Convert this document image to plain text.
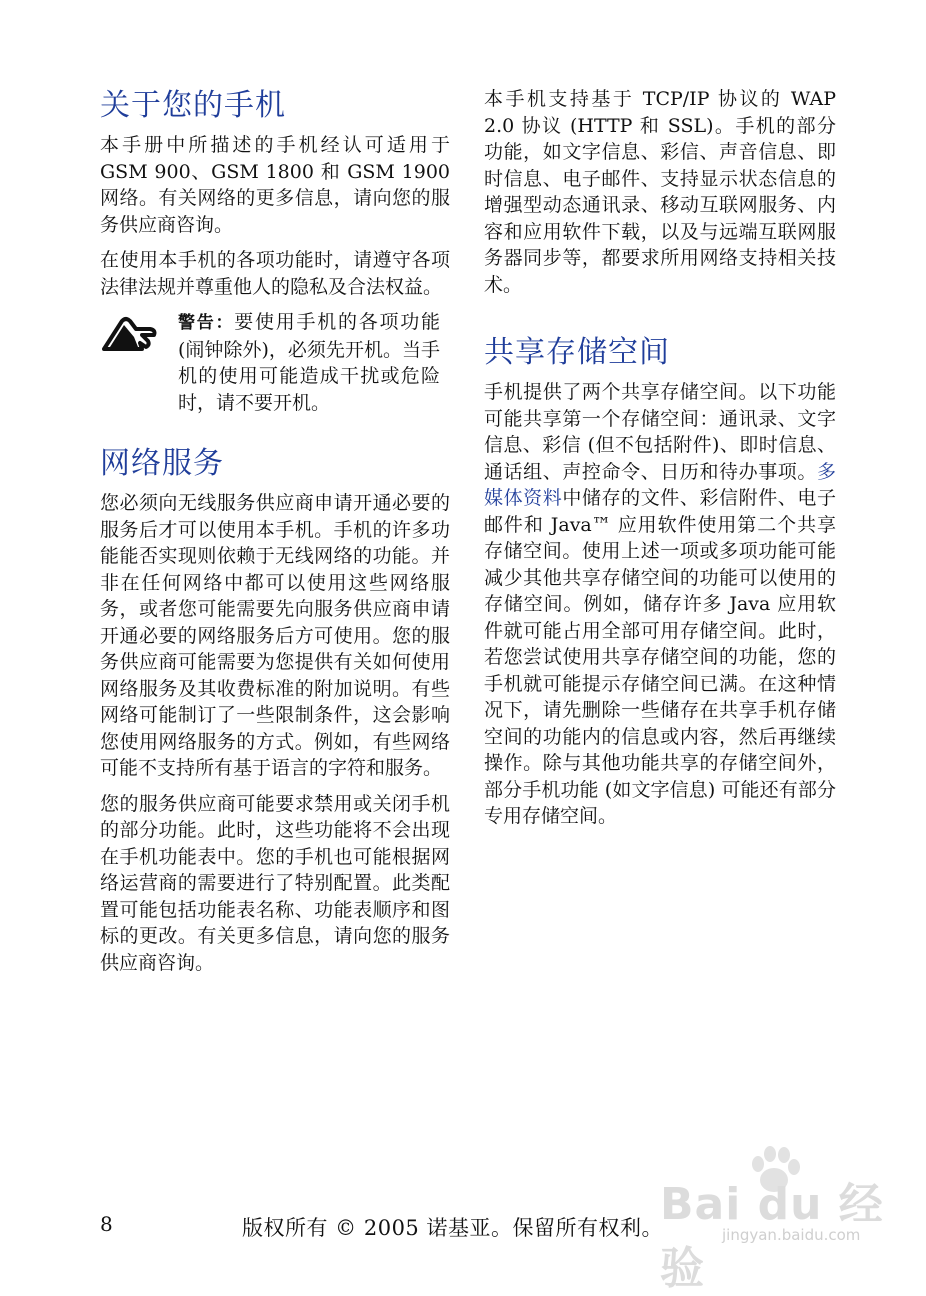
关于您的手机

本手册中所描述的手机经认可适用于 GSM 900、GSM 1800 和 GSM 1900 网络。有关网络的更多信息，请向您的服务供应商咨询。

在使用本手机的各项功能时，请遵守各项法律法规并尊重他人的隐私及合法权益。

警告：要使用手机的各项功能 (闹钟除外)，必须先开机。当手机的使用可能造成干扰或危险时，请不要开机。

网络服务

您必须向无线服务供应商申请开通必要的服务后才可以使用本手机。手机的许多功能能否实现则依赖于无线网络的功能。并非在任何网络中都可以使用这些网络服务，或者您可能需要先向服务供应商申请开通必要的网络服务后方可使用。您的服务供应商可能需要为您提供有关如何使用网络服务及其收费标准的附加说明。有些网络可能制订了一些限制条件，这会影响您使用网络服务的方式。例如，有些网络可能不支持所有基于语言的字符和服务。

您的服务供应商可能要求禁用或关闭手机的部分功能。此时，这些功能将不会出现在手机功能表中。您的手机也可能根据网络运营商的需要进行了特别配置。此类配置可能包括功能表名称、功能表顺序和图标的更改。有关更多信息，请向您的服务供应商咨询。

本手机支持基于 TCP/IP 协议的 WAP 2.0 协议 (HTTP 和 SSL)。手机的部分功能，如文字信息、彩信、声音信息、即时信息、电子邮件、支持显示状态信息的增强型动态通讯录、移动互联网服务、内容和应用软件下载，以及与远端互联网服务器同步等，都要求所用网络支持相关技术。

共享存储空间

手机提供了两个共享存储空间。以下功能可能共享第一个存储空间：通讯录、文字信息、彩信 (但不包括附件)、即时信息、通话组、声控命令、日历和待办事项。多媒体资料中储存的文件、彩信附件、电子邮件和 Java™ 应用软件使用第二个共享存储空间。使用上述一项或多项功能可能减少其他共享存储空间的功能可以使用的存储空间。例如，储存许多 Java 应用软件就可能占用全部可用存储空间。此时，若您尝试使用共享存储空间的功能，您的手机就可能提示存储空间已满。在这种情况下，请先删除一些储存在共享手机存储空间的功能内的信息或内容，然后再继续操作。除与其他功能共享的存储空间外，部分手机功能 (如文字信息) 可能还有部分专用存储空间。

8	版权所有 © 2005 诺基亚。保留所有权利。
Bai du 经验
jingyan.baidu.com
